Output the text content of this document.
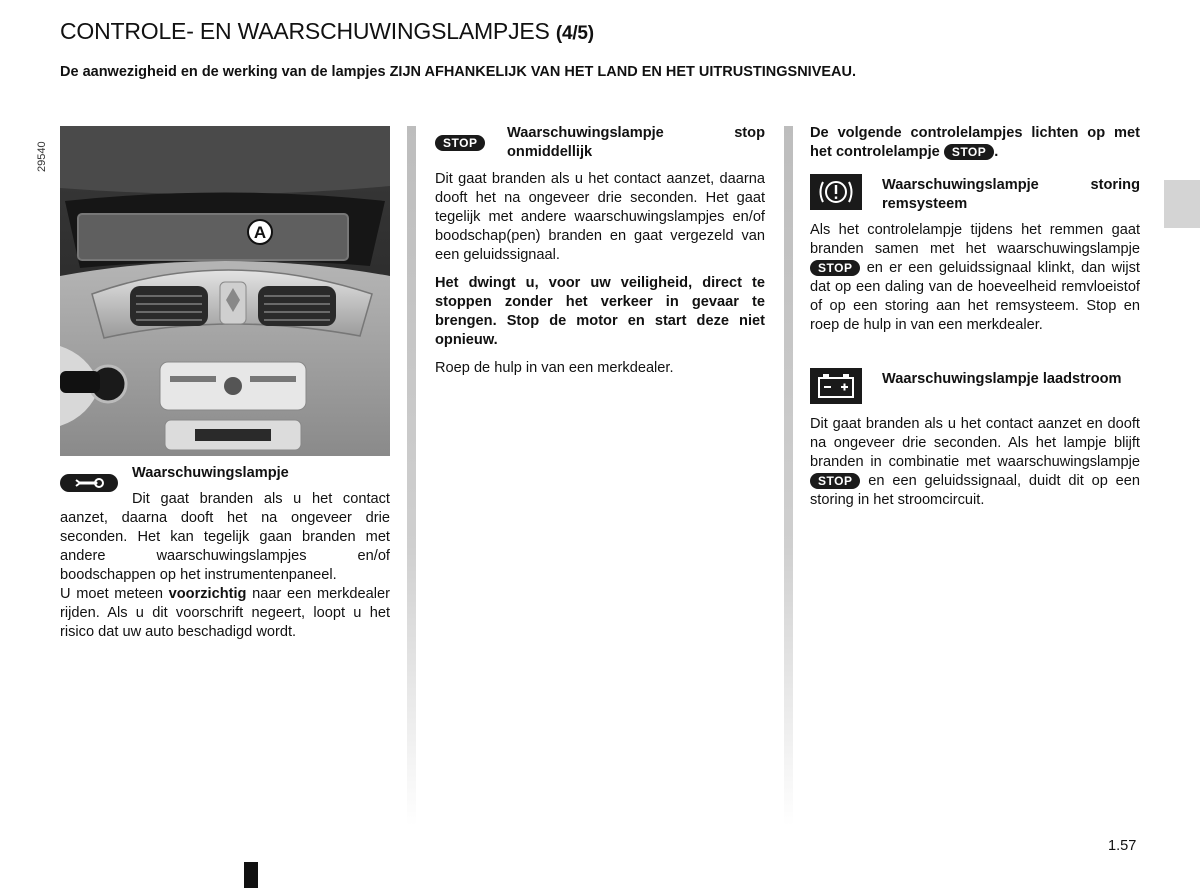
CONTROLE- EN WAARSCHUWINGSLAMPJES (4/5)
De aanwezigheid en de werking van de lampjes ZIJN AFHANKELIJK VAN HET LAND EN HET UITRUSTINGSNIVEAU.
29540
A
Waarschuwingslampje

Dit gaat branden als u het contact aanzet, daarna dooft het na ongeveer drie seconden. Het kan tegelijk gaan branden met andere waarschuwingslampjes en/of boodschappen op het instrumentenpaneel.

U moet meteen voorzichtig naar een merkdealer rijden. Als u dit voorschrift negeert, loopt u het risico dat uw auto beschadigd wordt.

STOP
Waarschuwingslampje stop onmiddellijk

Dit gaat branden als u het contact aanzet, daarna dooft het na ongeveer drie seconden. Het gaat tegelijk met andere waarschuwingslampjes en/of boodschap(pen) branden en gaat vergezeld van een geluidssignaal.

Het dwingt u, voor uw veiligheid, direct te stoppen zonder het verkeer in gevaar te brengen. Stop de motor en start deze niet opnieuw.

Roep de hulp in van een merkdealer.

De volgende controlelampjes lichten op met het controlelampje STOP .
Waarschuwingslampje storing remsysteem

Als het controlelampje tijdens het remmen gaat branden samen met het waarschuwingslampje STOP en er een geluidssignaal klinkt, dan wijst dat op een daling van de hoeveelheid remvloeistof of op een storing aan het remsysteem. Stop en roep de hulp in van een merkdealer.

Waarschuwingslampje laadstroom

Dit gaat branden als u het contact aanzet en dooft na ongeveer drie seconden. Als het lampje blijft branden in combinatie met waarschuwingslampje STOP en een geluidssignaal, duidt dit op een storing in het stroomcircuit.

1.57
